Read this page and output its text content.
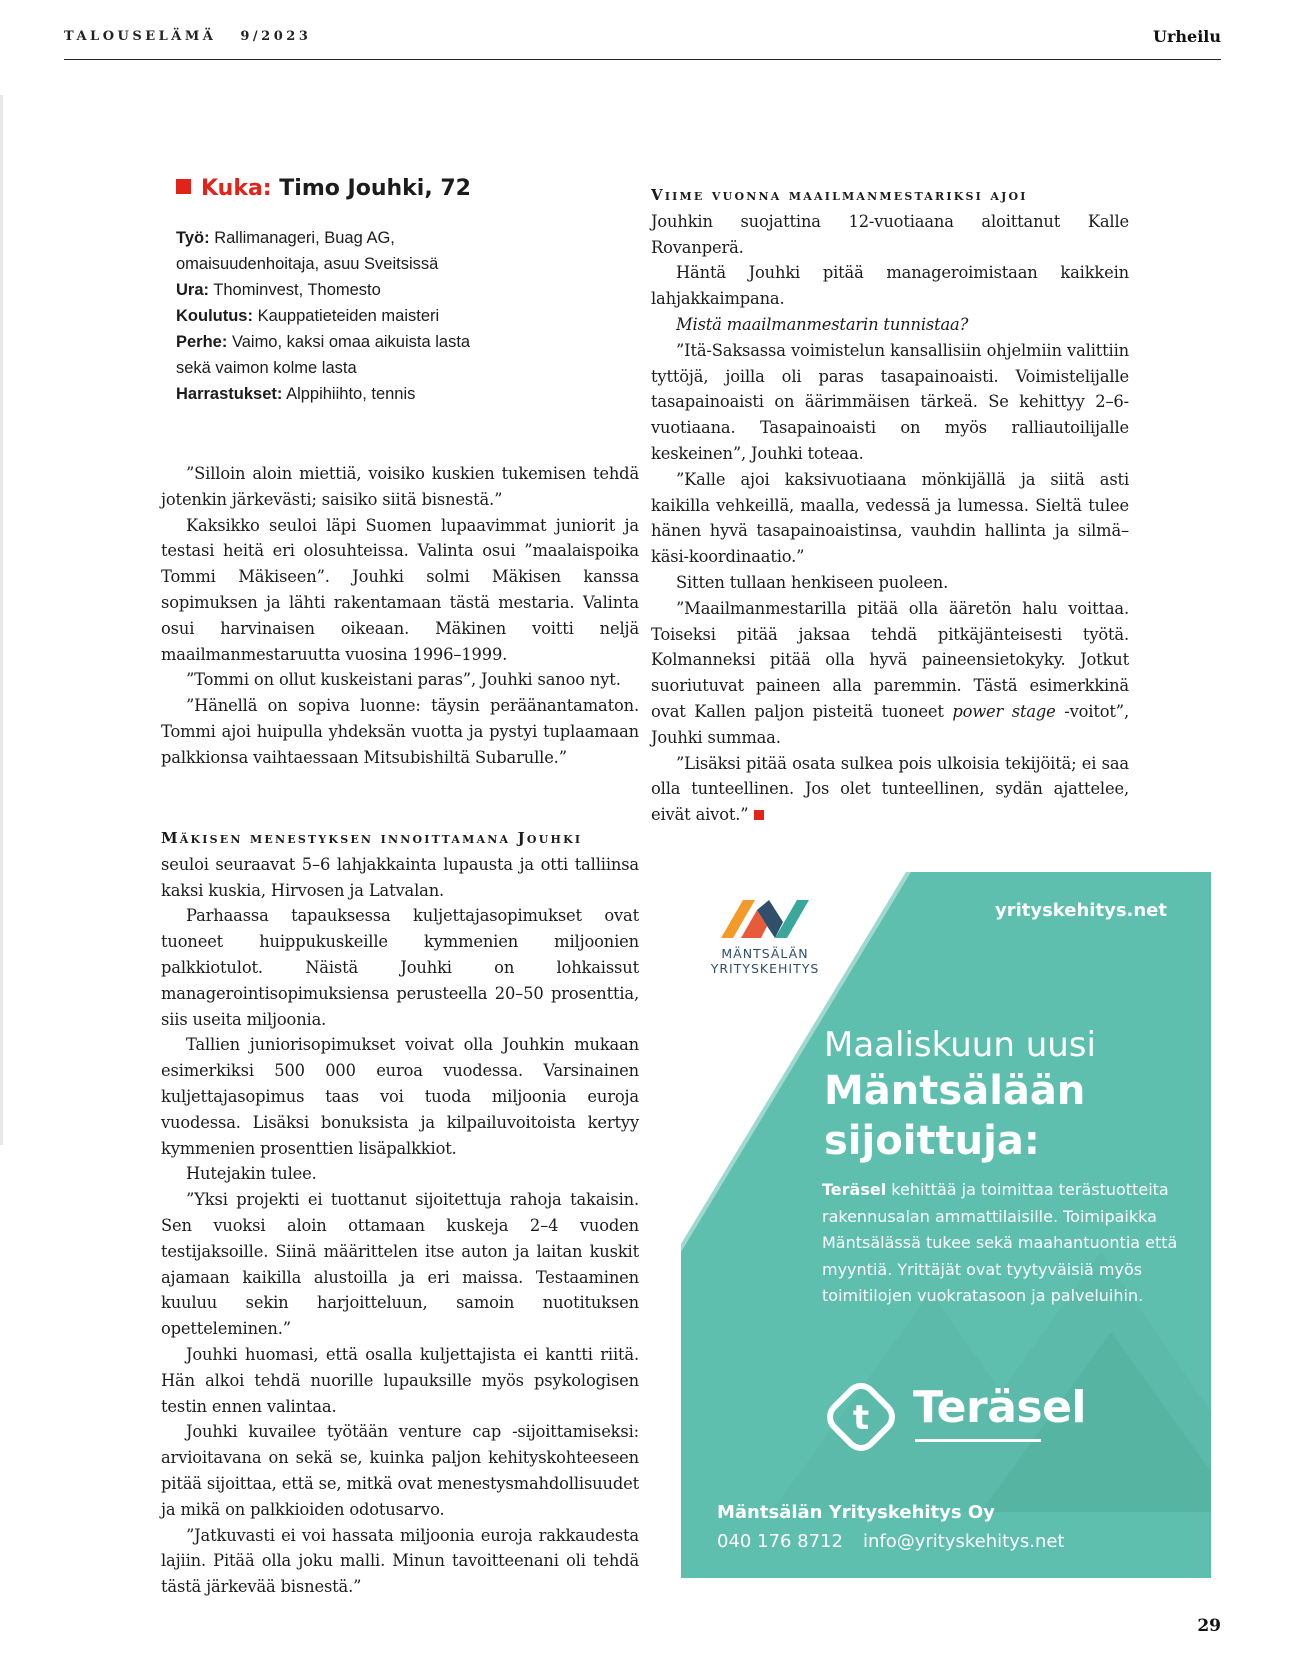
TALOUSELÄMÄ 9/2023	Urheilu
Kuka: Timo Jouhki, 72
Työ: Rallimanageri, Buag AG,
omaisuudenhoitaja, asuu Sveitsissä
Ura: Thominvest, Thomesto
Koulutus: Kauppatieteiden maisteri
Perhe: Vaimo, kaksi omaa aikuista lasta
sekä vaimon kolme lasta
Harrastukset: Alppihiihto, tennis

”Silloin aloin miettiä, voisiko kuskien tukemisen tehdä jotenkin järkevästi; saisiko siitä bisnestä.”

Kaksikko seuloi läpi Suomen lupaavimmat juniorit ja testasi heitä eri olosuhteissa. Valinta osui ”maalaispoika Tommi Mäkiseen”. Jouhki solmi Mäkisen kanssa sopimuksen ja lähti rakentamaan tästä mestaria. Valinta osui harvinaisen oikeaan. Mäkinen voitti neljä maailmanmestaruutta vuosina 1996–1999.

”Tommi on ollut kuskeistani paras”, Jouhki sanoo nyt.

”Hänellä on sopiva luonne: täysin peräänantamaton. Tommi ajoi huipulla yhdeksän vuotta ja pystyi tuplaamaan palkkionsa vaihtaessaan Mitsubishiltä Subarulle.”

Mäkisen menestyksen innoittamana Jouhki
seuloi seuraavat 5–6 lahjakkainta lupausta ja otti talliinsa kaksi kuskia, Hirvosen ja Latvalan.

Parhaassa tapauksessa kuljettajasopimukset ovat tuoneet huippukuskeille kymmenien miljoonien palkkiotulot. Näistä Jouhki on lohkaissut managerointisopimuksiensa perusteella 20–50 prosenttia, siis useita miljoonia.

Tallien juniorisopimukset voivat olla Jouhkin mukaan esimerkiksi 500 000 euroa vuodessa. Varsinainen kuljettajasopimus taas voi tuoda miljoonia euroja vuodessa. Lisäksi bonuksista ja kilpailuvoitoista kertyy kymmenien prosenttien lisäpalkkiot.

Hutejakin tulee.

”Yksi projekti ei tuottanut sijoitettuja rahoja takaisin. Sen vuoksi aloin ottamaan kuskeja 2–4 vuoden testijaksoille. Siinä määrittelen itse auton ja laitan kuskit ajamaan kaikilla alustoilla ja eri maissa. Testaaminen kuuluu sekin harjoitteluun, samoin nuotituksen opetteleminen.”

Jouhki huomasi, että osalla kuljettajista ei kantti riitä. Hän alkoi tehdä nuorille lupauksille myös psykologisen testin ennen valintaa.

Jouhki kuvailee työtään venture cap -sijoittamiseksi: arvioitavana on sekä se, kuinka paljon kehityskohteeseen pitää sijoittaa, että se, mitkä ovat menestysmahdollisuudet ja mikä on palkkioiden odotusarvo.

”Jatkuvasti ei voi hassata miljoonia euroja rakkaudesta lajiin. Pitää olla joku malli. Minun tavoitteenani oli tehdä tästä järkevää bisnestä.”

Viime vuonna maailmanmestariksi ajoi
Jouhkin suojattina 12-vuotiaana aloittanut Kalle Rovanperä.

Häntä Jouhki pitää manageroimistaan kaikkein lahjakkaimpana.

Mistä maailmanmestarin tunnistaa?

”Itä-Saksassa voimistelun kansallisiin ohjelmiin valittiin tyttöjä, joilla oli paras tasapainoaisti. Voimistelijalle tasapainoaisti on äärimmäisen tärkeä. Se kehittyy 2–6-vuotiaana. Tasapainoaisti on myös ralliautoilijalle keskeinen”, Jouhki toteaa.

”Kalle ajoi kaksivuotiaana mönkijällä ja siitä asti kaikilla vehkeillä, maalla, vedessä ja lumessa. Sieltä tulee hänen hyvä tasapainoaistinsa, vauhdin hallinta ja silmä–käsi-koordinaatio.”

Sitten tullaan henkiseen puoleen.

”Maailmanmestarilla pitää olla ääretön halu voittaa. Toiseksi pitää jaksaa tehdä pitkäjänteisesti työtä. Kolmanneksi pitää olla hyvä paineensietokyky. Jotkut suoriutuvat paineen alla paremmin. Tästä esimerkkinä ovat Kallen paljon pisteitä tuoneet power stage -voitot”, Jouhki summaa.

”Lisäksi pitää osata sulkea pois ulkoisia tekijöitä; ei saa olla tunteellinen. Jos olet tunteellinen, sydän ajattelee, eivät aivot.”

MÄNTSÄLÄN
YRITYSKEHITYS
yrityskehitys.net
Maaliskuun uusi
Mäntsälään sijoittuja:
Teräsel kehittää ja toimittaa terästuotteita rakennusalan ammattilaisille. Toimipaikka Mäntsälässä tukee sekä maahantuontia että myyntiä. Yrittäjät ovat tyytyväisiä myös toimitilojen vuokratasoon ja palveluihin.
t Teräsel
Mäntsälän Yrityskehitys Oy
040 176 8712 info@yrityskehitys.net
29
